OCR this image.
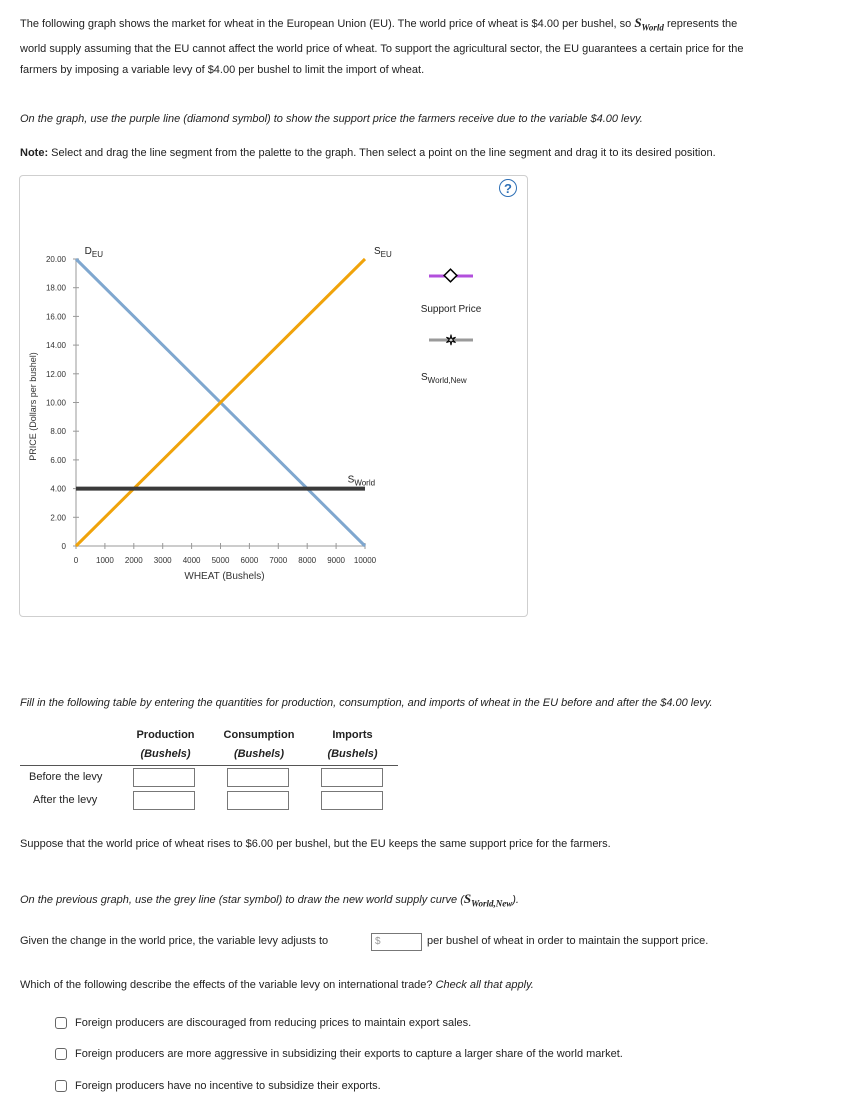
The following graph shows the market for wheat in the European Union (EU). The world price of wheat is $4.00 per bushel, so $S_{World}$ represents the
world supply assuming that the EU cannot affect the world price of wheat. To support the agricultural sector, the EU guarantees a certain price for the
farmers by imposing a variable levy of $4.00 per bushel to limit the import of wheat.
On the graph, use the purple line (diamond symbol) to show the support price the farmers receive due to the variable $4.00 levy.
Note: Select and drag the line segment from the palette to the graph. Then select a point on the line segment and drag it to its desired position.
0
2.00
4.00
6.00
8.00
10.00
12.00
14.00
16.00
18.00
20.00
0 1000 2000 3000 4000 5000 6000 7000 8000 9000 10000
WHEAT (Bushels)
PRICE (Dollars per bushel)
$D_{EU}$	$S_{EU}$
$S_{World}$
Support Price
✶
$S_{World,New}$
?
Fill in the following table by entering the quantities for production, consumption, and imports of wheat in the EU before and after the $4.00 levy.
Production	Consumption	Imports
(Bushels)	(Bushels)	(Bushels)
Before the levy
After the levy
Suppose that the world price of wheat rises to $6.00 per bushel, but the EU keeps the same support price for the farmers.
On the previous graph, use the grey line (star symbol) to draw the new world supply curve $(S_{World,New})$.
Given the change in the world price, the variable levy adjusts to	$	per bushel of wheat in order to maintain the support price.
Which of the following describe the effects of the variable levy on international trade? Check all that apply.
Foreign producers are discouraged from reducing prices to maintain export sales.
Foreign producers are more aggressive in subsidizing their exports to capture a larger share of the world market.
Foreign producers have no incentive to subsidize their exports.
